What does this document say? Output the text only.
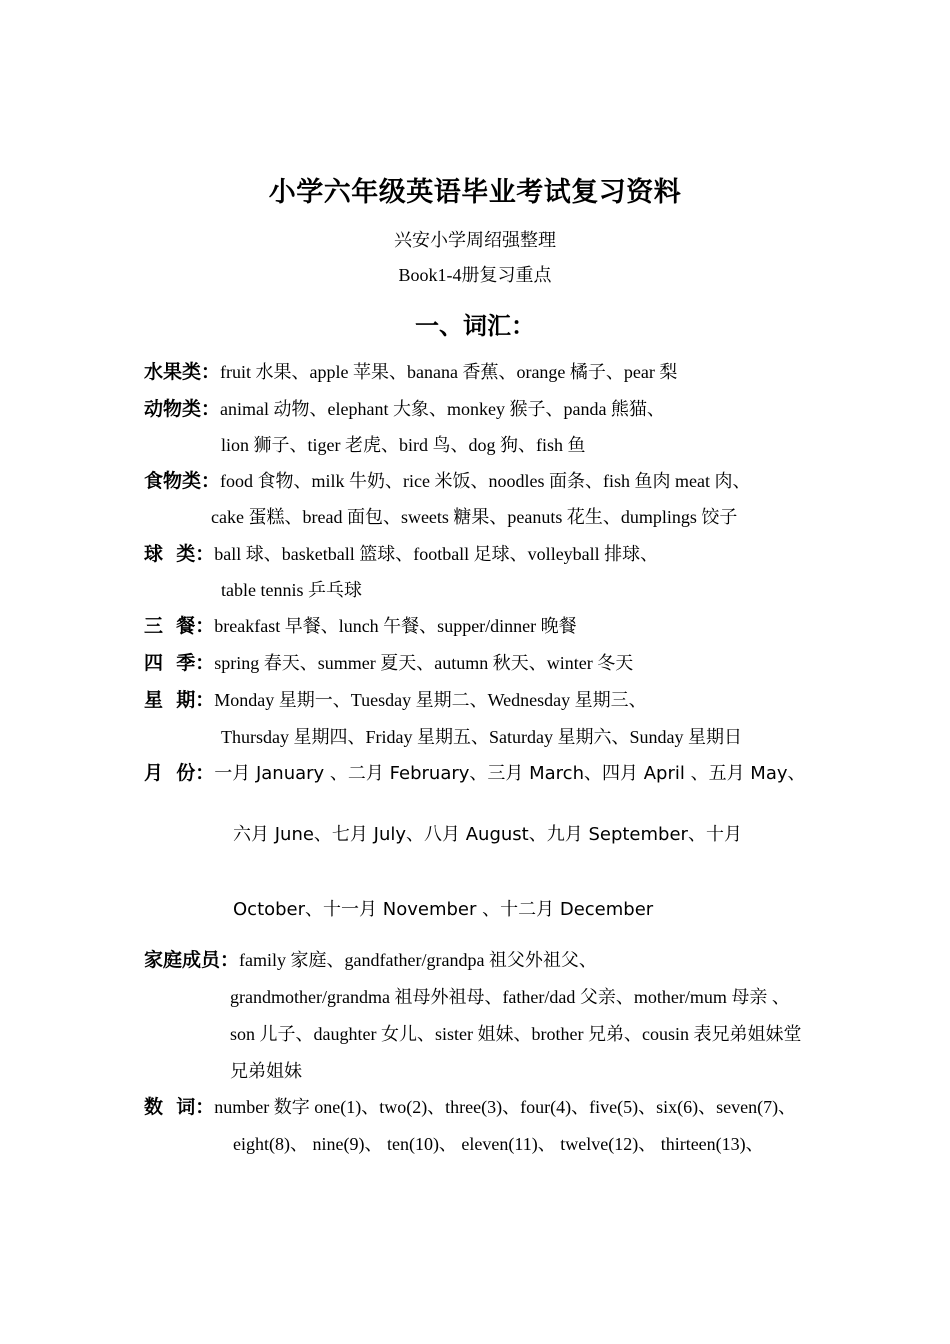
小学六年级英语毕业考试复习资料
兴安小学周绍强整理
Book1-4册复习重点
一、词汇：
水果类：fruit 水果、apple 苹果、banana 香蕉、orange 橘子、pear 梨
动物类：animal 动物、elephant 大象、monkey 猴子、panda 熊猫、
lion 狮子、tiger 老虎、bird 鸟、dog 狗、fish 鱼
食物类：food 食物、milk 牛奶、rice 米饭、noodles 面条、fish 鱼肉 meat 肉、
cake 蛋糕、bread 面包、sweets 糖果、peanuts 花生、dumplings 饺子
球  类：ball 球、basketball 篮球、football 足球、volleyball 排球、
table tennis 乒乓球
三  餐：breakfast 早餐、lunch 午餐、supper/dinner 晚餐
四  季：spring 春天、summer 夏天、autumn 秋天、winter 冬天
星  期：Monday 星期一、Tuesday 星期二、Wednesday 星期三、
Thursday 星期四、Friday 星期五、Saturday 星期六、Sunday 星期日
月  份：一月 January 、二月 February、三月 March、四月 April 、五月 May、
六月 June、七月 July、八月 August、九月 September、十月
October、十一月 November 、十二月 December
家庭成员：family 家庭、gandfather/grandpa 祖父外祖父、
grandmother/grandma 祖母外祖母、father/dad 父亲、mother/mum 母亲 、
son 儿子、daughter 女儿、sister 姐妹、brother 兄弟、cousin 表兄弟姐妹堂
兄弟姐妹
数  词：number 数字 one(1)、two(2)、three(3)、four(4)、five(5)、six(6)、seven(7)、
eight(8)、 nine(9)、 ten(10)、 eleven(11)、 twelve(12)、 thirteen(13)、
